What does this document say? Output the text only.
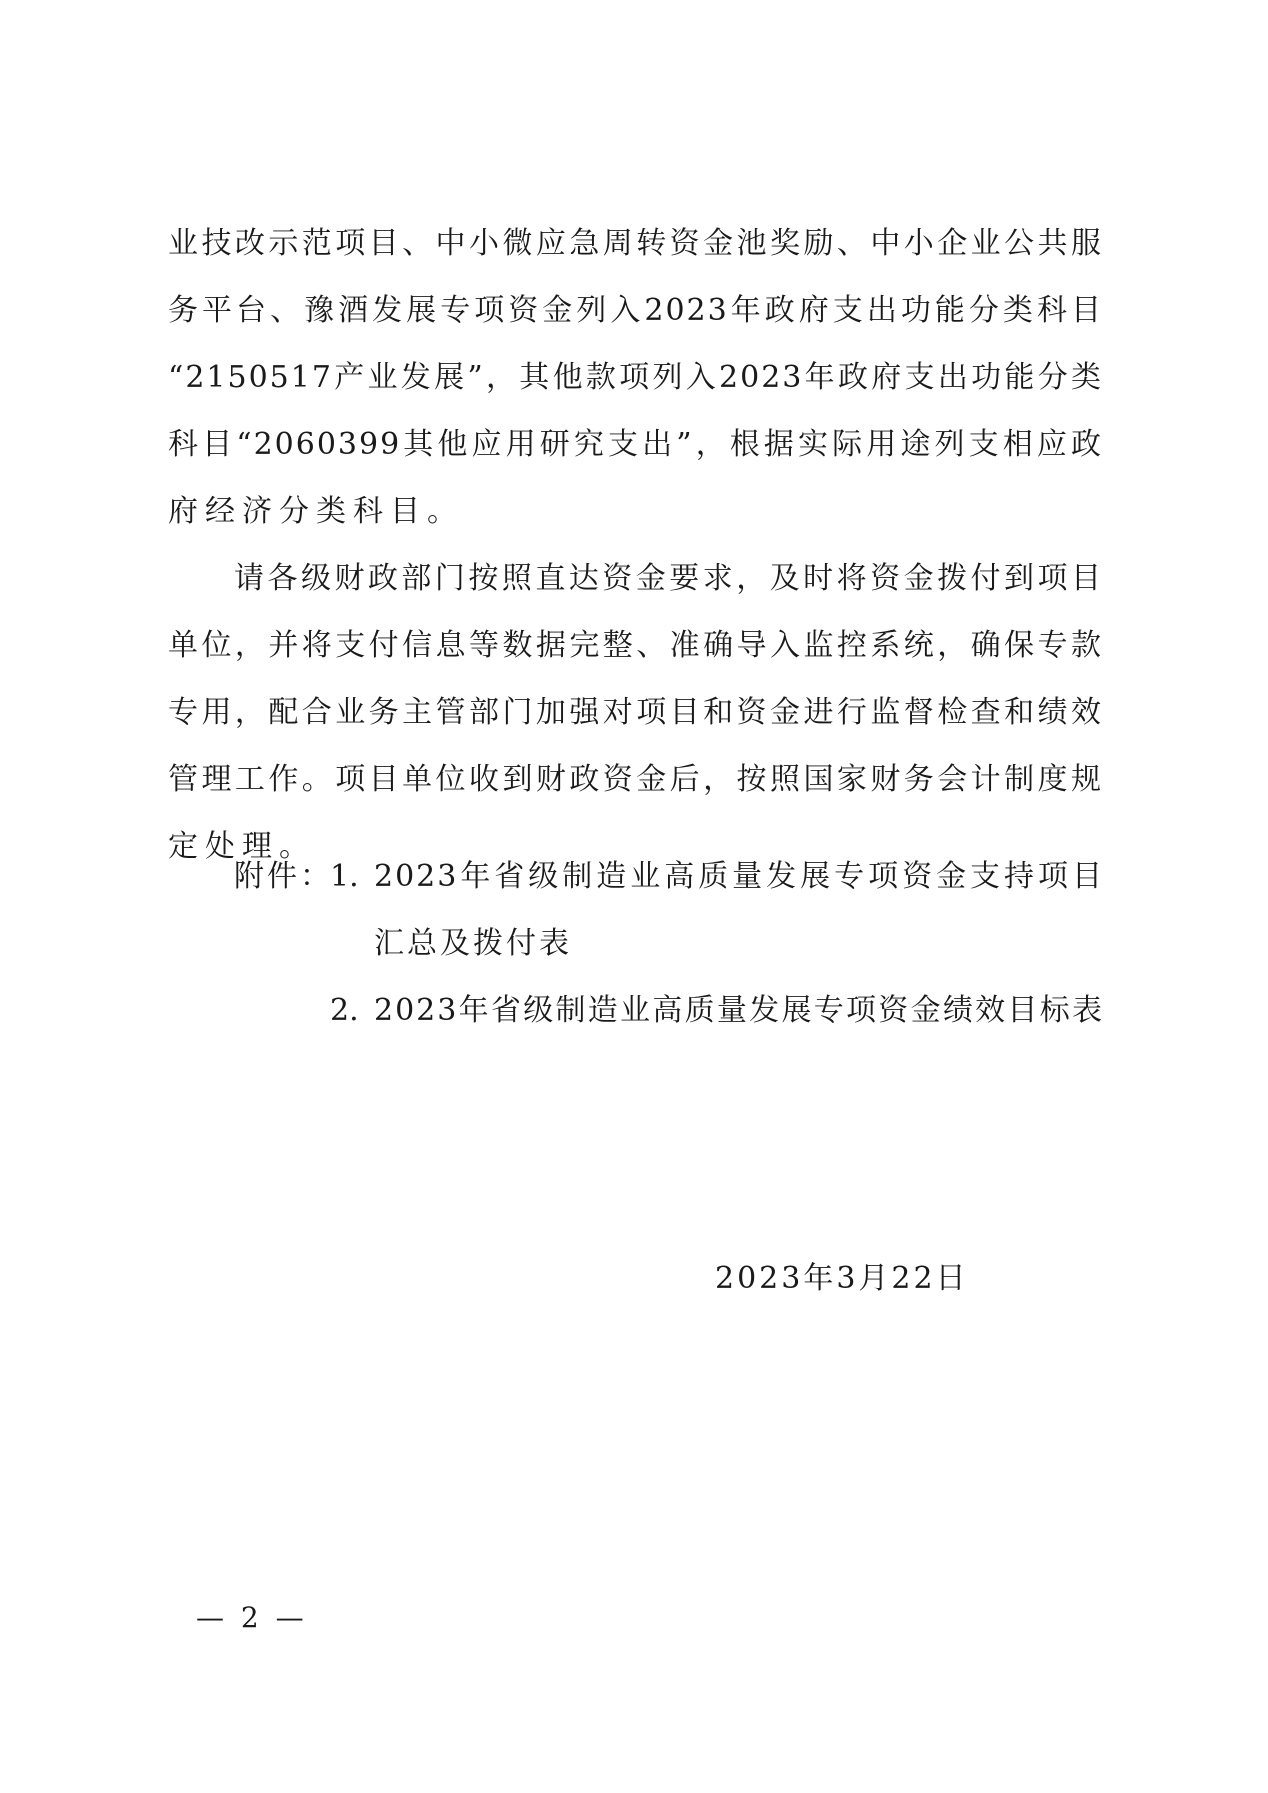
业技改示范项目、中小微应急周转资金池奖励、中小企业公共服
务平台、豫酒发展专项资金列入2023年政府支出功能分类科目
“2150517产业发展”，其他款项列入2023年政府支出功能分类
科目“2060399其他应用研究支出”，根据实际用途列支相应政
府经济分类科目。
请各级财政部门按照直达资金要求，及时将资金拨付到项目
单位，并将支付信息等数据完整、准确导入监控系统，确保专款
专用，配合业务主管部门加强对项目和资金进行监督检查和绩效
管理工作。项目单位收到财政资金后，按照国家财务会计制度规
定处理。
附件：
1. 2023年省级制造业高质量发展专项资金支持项目
汇总及拨付表
2. 2023年省级制造业高质量发展专项资金绩效目标表
2023年3月22日
— 2 —
